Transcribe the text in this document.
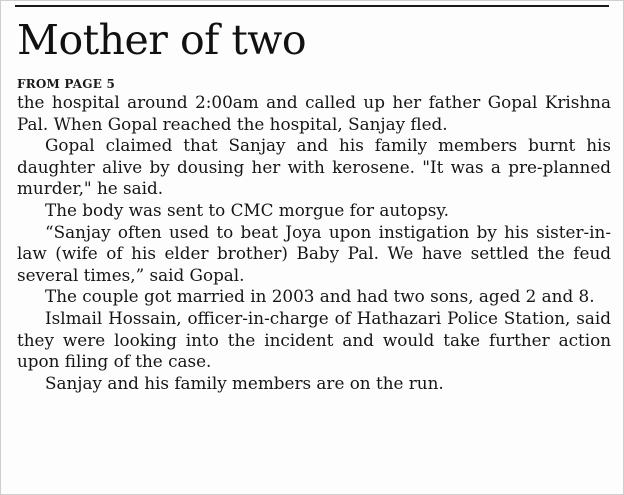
Mother of two
FROM PAGE 5

the hospital around 2:00am and called up her father Gopal Krishna Pal. When Gopal reached the hospital, Sanjay fled.

Gopal claimed that Sanjay and his family members burnt his daughter alive by dousing her with kerosene. "It was a pre-planned murder," he said.

The body was sent to CMC morgue for autopsy.

“Sanjay often used to beat Joya upon instigation by his sister-in-law (wife of his elder brother) Baby Pal. We have settled the feud several times,” said Gopal.

The couple got married in 2003 and had two sons, aged 2 and 8.

Islmail Hossain, officer-in-charge of Hathazari Police Station, said they were looking into the incident and would take further action upon filing of the case.

Sanjay and his family members are on the run.
